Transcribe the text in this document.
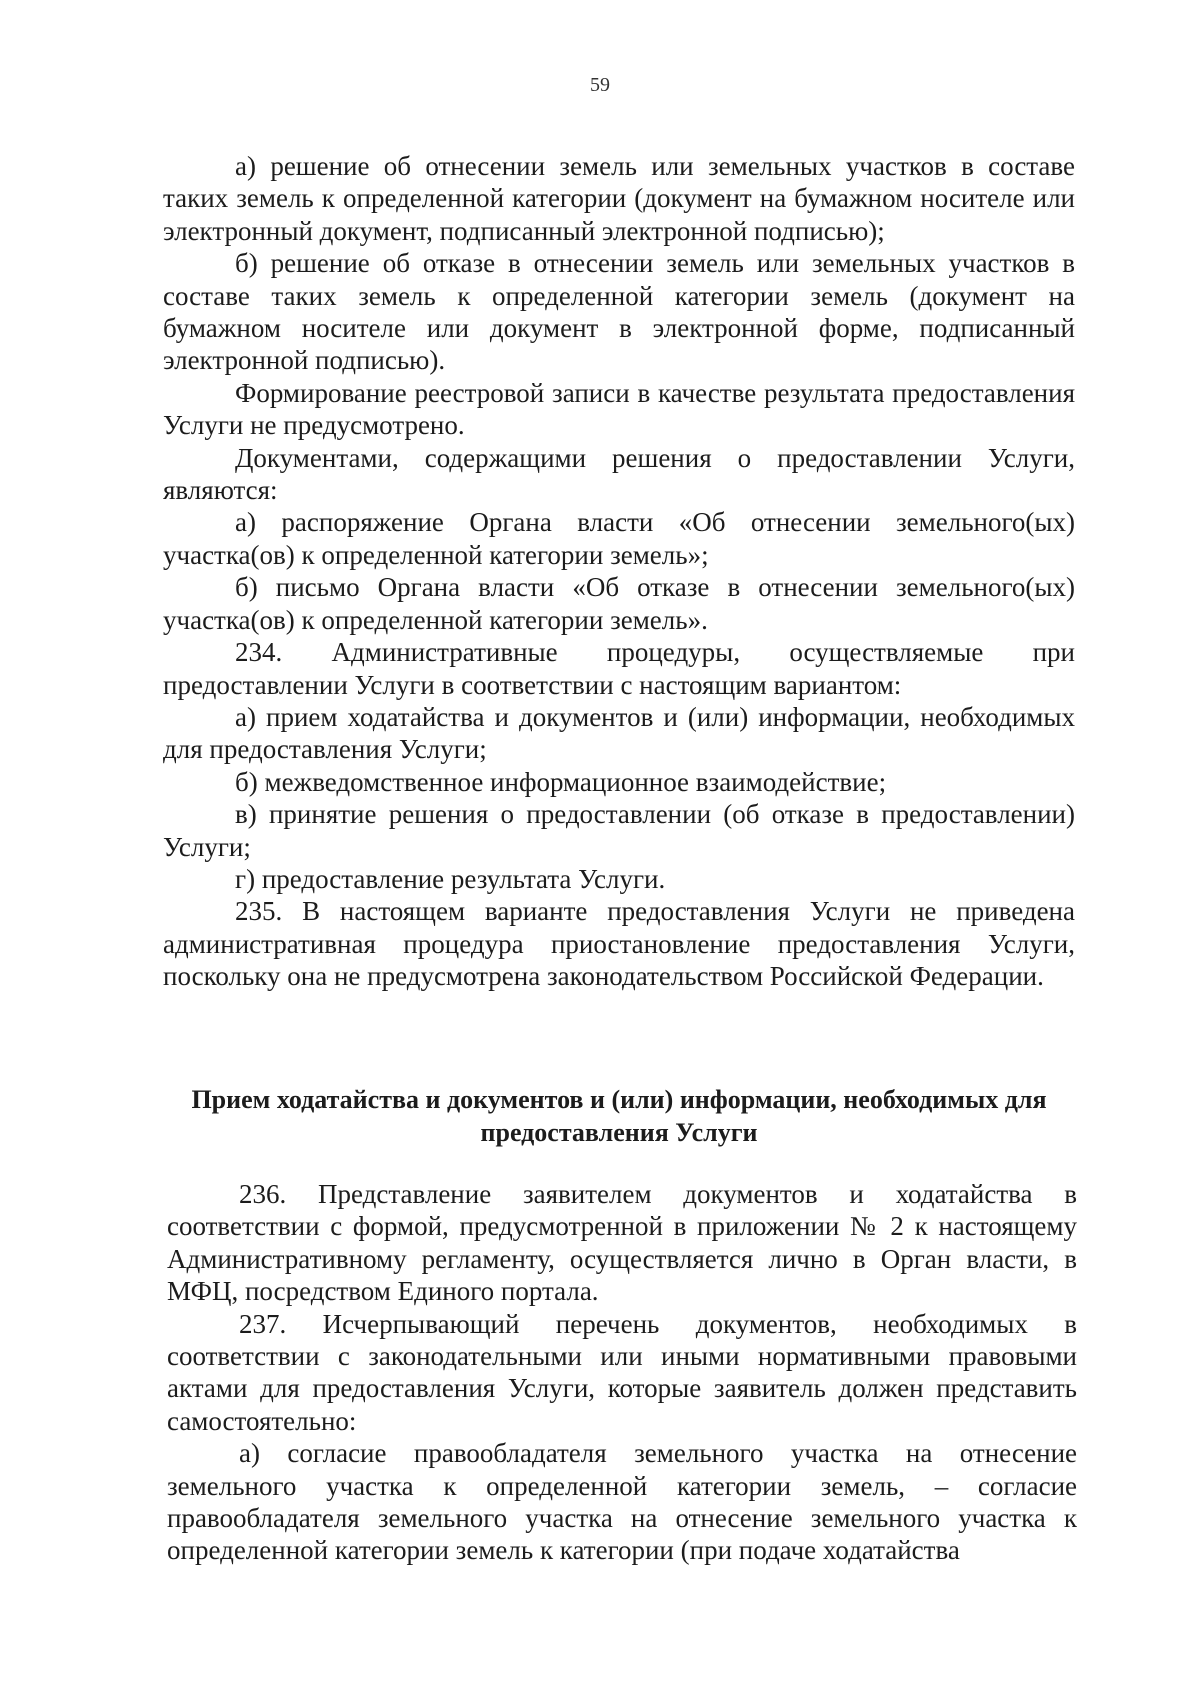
59

а) решение об отнесении земель или земельных участков в составе таких земель к определенной категории (документ на бумажном носителе или электронный документ, подписанный электронной подписью);

б) решение об отказе в отнесении земель или земельных участков в составе таких земель к определенной категории земель (документ на бумажном носителе или документ в электронной форме, подписанный электронной подписью).

Формирование реестровой записи в качестве результата предоставления Услуги не предусмотрено.

Документами, содержащими решения о предоставлении Услуги, являются:

а) распоряжение Органа власти «Об отнесении земельного(ых) участка(ов) к определенной категории земель»;

б) письмо Органа власти «Об отказе в отнесении земельного(ых) участка(ов) к определенной категории земель».

234. Административные процедуры, осуществляемые при предоставлении Услуги в соответствии с настоящим вариантом:

а) прием ходатайства и документов и (или) информации, необходимых для предоставления Услуги;

б) межведомственное информационное взаимодействие;

в) принятие решения о предоставлении (об отказе в предоставлении) Услуги;

г) предоставление результата Услуги.

235. В настоящем варианте предоставления Услуги не приведена административная процедура приостановление предоставления Услуги, поскольку она не предусмотрена законодательством Российской Федерации.

Прием ходатайства и документов и (или) информации, необходимых для предоставления Услуги

236. Представление заявителем документов и ходатайства в соответствии с формой, предусмотренной в приложении № 2 к настоящему Административному регламенту, осуществляется лично в Орган власти, в МФЦ, посредством Единого портала.

237. Исчерпывающий перечень документов, необходимых в соответствии с законодательными или иными нормативными правовыми актами для предоставления Услуги, которые заявитель должен представить самостоятельно:

а) согласие правообладателя земельного участка на отнесение земельного участка к определенной категории земель, – согласие правообладателя земельного участка на отнесение земельного участка к определенной категории земель к категории (при подаче ходатайства
